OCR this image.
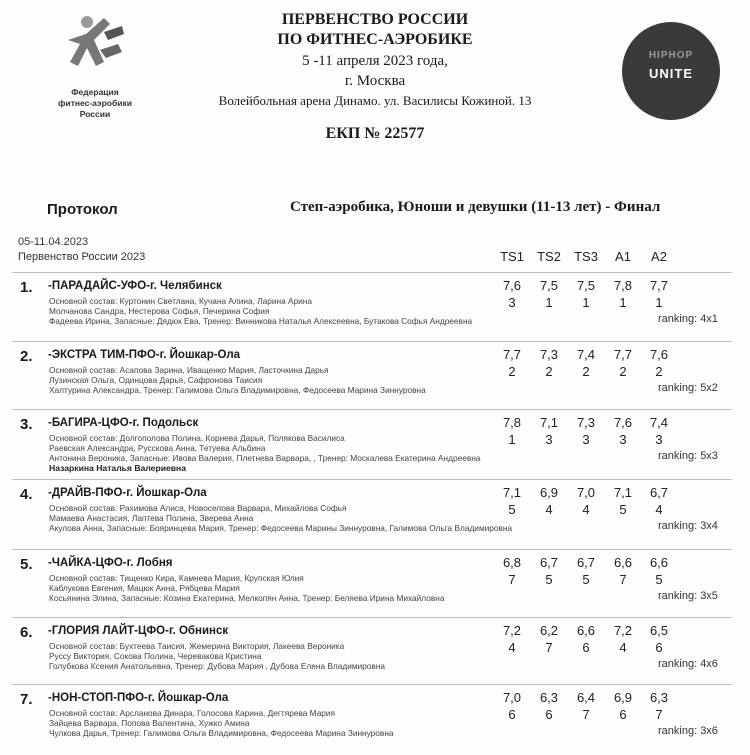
Федерация
фитнес-аэробики
России
HIPHOP
UNITE
ПЕРВЕНСТВО РОССИИ
ПО ФИТНЕС-АЭРОБИКЕ
5 -11 апреля 2023 года,
г. Москва
Волейбольная арена Динамо. ул. Василисы Кожиной. 13
ЕКП № 22577
Протокол	Степ-аэробика, Юноши и девушки (11-13 лет) - Финал
05-11.04.2023
Первенство России 2023	TS1	TS2	TS3	A1	A2
1. -ПАРАДАЙС-УФО-г. Челябинск
Основной состав: Куртонин Светлана, Кучана Алина, Ларина Арина
Молчанова Сандра, Нестерова Софья, Печерина София
Фадеева Ирина, Запасные: Дядюк Ева, Тренер: Винникова Наталья Алексеевна, Бутакова Софья Андреевна
7,6	7,5	7,5	7,8	7,7
3	1	1	1	1
ranking: 4x1
2. -ЭКСТРА ТИМ-ПФО-г. Йошкар-Ола
Основной состав: Асапова Зарина, Иващенко Мария, Ласточкина Дарья
Лузинская Ольга, Одинцова Дарья, Сафронова Таисия
Халтурина Александра, Тренер: Галимова Ольга Владимировна, Федосеева Марина Зиннуровна
7,7	7,3	7,4	7,7	7,6
2	2	2	2	2
ranking: 5x2
3. -БАГИРА-ЦФО-г. Подольск
Основной состав: Долгополова Полина, Корнева Дарья, Полякова Василиса
Раевская Александра, Русскова Анна, Тетуева Альбина
Антонина Вероника, Запасные: Ивова Валерия, Плетнева Варвара, , Тренер: Москалева Екатерина Андреевна
Назаркина Наталья Валериевна
7,8	7,1	7,3	7,6	7,4
1	3	3	3	3
ranking: 5x3
4. -ДРАЙВ-ПФО-г. Йошкар-Ола
Основной состав: Рахимова Алиса, Новоселова Варвара, Михайлова Софья
Мамаева Анастасия, Лаптева Полина, Зверева Анна
Акулова Анна, Запасные: Бояринцева Мария, Тренер: Федосеева Марины Зиннуровна, Галимова Ольга Владимировна
7,1	6,9	7,0	7,1	6,7
5	4	4	5	4
ranking: 3x4
5. -ЧАЙКА-ЦФО-г. Лобня
Основной состав: Тищенко Кира, Камнева Мария, Крупская Юлия
Каблукова Евгения, Мацюк Анна, Рябцева Мария
Косьянина Элина, Запасные: Козина Екатерина, Мелкопян Анна, Тренер: Беляева Ирина Михайловна
6,8	6,7	6,7	6,6	6,6
7	5	5	7	5
ranking: 3x5
6. -ГЛОРИЯ ЛАЙТ-ЦФО-г. Обнинск
Основной состав: Бухтеева Таисия, Жемерина Виктория, Лакеева Вероника
Руссу Виктория, Сокова Полина, Черевакова Кристина
Голубкова Ксения Анатольевна, Тренер: Дубова Мария , Дубова Елена Владимировна
7,2	6,2	6,6	7,2	6,5
4	7	6	4	6
ranking: 4x6
7. -НОН-СТОП-ПФО-г. Йошкар-Ола
Основной состав: Арсланова Динара, Голосова Карина, Дегтярева Мария
Зайцева Варвара, Попова Валентина, Хужко Амина
Чулкова Дарья, Тренер: Галимова Ольга Владимировна, Федосеева Марина Зиннуровна
7,0	6,3	6,4	6,9	6,3
6	6	7	6	7
ranking: 3x6
